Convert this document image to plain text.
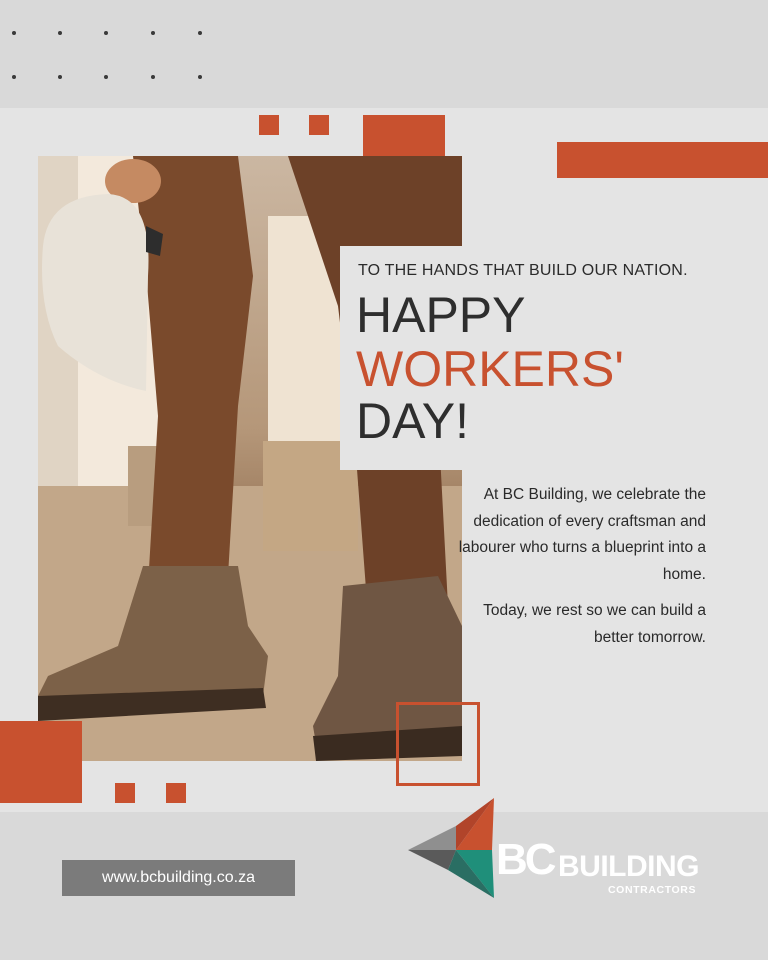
TO THE HANDS THAT BUILD OUR NATION.
HAPPY
WORKERS'
DAY!

At BC Building, we celebrate the dedication of every craftsman and labourer who turns a blueprint into a home.

Today, we rest so we can build a better tomorrow.

www.bcbuilding.co.za	BC BUILDING
CONTRACTORS
